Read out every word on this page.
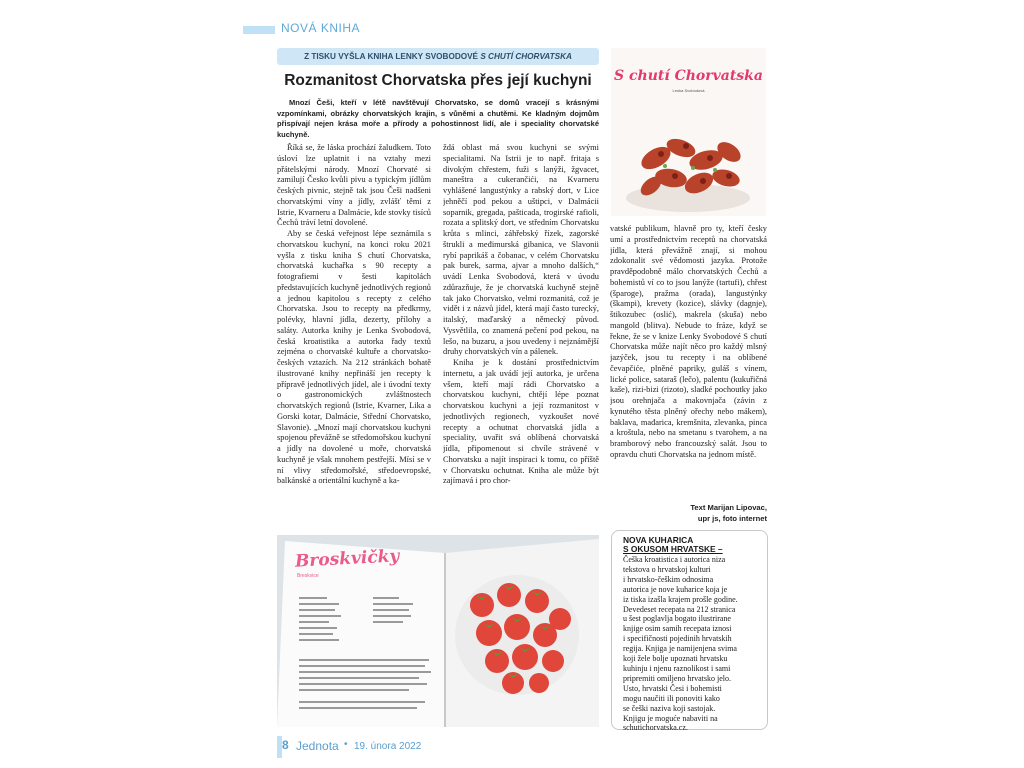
NOVÁ KNIHA
Z TISKU VYŠLA KNIHA LENKY SVOBODOVÉ S CHUTÍ CHORVATSKA
Rozmanitost Chorvatska přes její kuchyni
Mnozí Češi, kteří v létě navštěvují Chorvatsko, se domů vracejí s krásnými vzpomínkami, obrázky chorvatských krajin, s vůněmi a chutěmi. Ke kladným dojmům přispívají nejen krása moře a přírody a pohostinnost lidí, ale i speciality chorvatské kuchyně.

Říká se, že láska prochází žaludkem. Toto úsloví lze uplatnit i na vztahy mezi přátelskými národy. Mnozí Chorvaté si zamilují Česko kvůli pivu a typickým jídlům českých pivnic, stejně tak jsou Češi nadšeni chorvatskými víny a jídly, zvlášť těmi z Istrie, Kvarneru a Dalmácie, kde stovky tisíců Čechů tráví letní dovolené.

Aby se česká veřejnost lépe seznámila s chorvatskou kuchyní, na konci roku 2021 vyšla z tisku kniha S chutí Chorvatska, chorvatská kuchařka s 90 recepty a fotografiemi v šesti kapitolách představujících kuchyně jednotlivých regionů a jednou kapitolou s recepty z celého Chorvatska. Jsou to recepty na předkrmy, polévky, hlavní jídla, dezerty, přílohy a saláty. Autorka knihy je Lenka Svobodová, česká kroatistika a autorka řady textů zejména o chorvatské kultuře a chorvatsko-českých vztazích. Na 212 stránkách bohatě ilustrované knihy nepřináší jen recepty k přípravě jednotlivých jídel, ale i úvodní texty o gastronomických zvláštnostech chorvatských regionů (Istrie, Kvarner, Lika a Gorski kotar, Dalmácie, Střední Chorvatsko, Slavonie). „Mnozí mají chorvatskou kuchyni spojenou převážně se středomořskou kuchyní a jídly na dovolené u moře, chorvatská kuchyně je však mnohem pestřejší. Mísí se v ní vlivy středomořské, středoevropské, balkánské a orientální kuchyně a ka-

ždá oblast má svou kuchyni se svými specialitami. Na Istrii je to např. fritaja s divokým chřestem, fuži s lanýži, žgvacet, maneštra a cukerančići, na Kvarneru vyhlášené langustýnky a rabský dort, v Lice jehněčí pod pekou a uštipci, v Dalmácii soparnik, gregada, pašticada, trogirské rafioli, rozata a splitský dort, ve středním Chorvatsku krůta s mlinci, záhřebský řízek, zagorské štrukli a međimurská gibanica, ve Slavonii rybí paprikáš a čobanac, v celém Chorvatsku pak burek, sarma, ajvar a mnoho dalších,“ uvádí Lenka Svobodová, která v úvodu zdůrazňuje, že je chorvatská kuchyně stejně tak jako Chorvatsko, velmi rozmanitá, což je vidět i z názvů jídel, která mají často turecký, italský, maďarský a německý původ. Vysvětlila, co znamená pečení pod pekou, na lešo, na buzaru, a jsou uvedeny i nejznámější druhy chorvatských vín a pálenek.

Kniha je k dostání prostřednictvím internetu, a jak uvádí její autorka, je určena všem, kteří mají rádi Chorvatsko a chorvatskou kuchyni, chtějí lépe poznat chorvatskou kuchyni a její rozmanitost v jednotlivých regionech, vyzkoušet nové recepty a ochutnat chorvatská jídla a speciality, uvařit svá oblíbená chorvatská jídla, připomenout si chvíle strávené v Chorvatsku a najít inspiraci k tomu, co příště v Chorvatsku ochutnat. Kniha ale může být zajímavá i pro chor-

vatské publikum, hlavně pro ty, kteří česky umí a prostřednictvím receptů na chorvatská jídla, která převážně znají, si mohou zdokonalit své vědomosti jazyka. Protože pravděpodobně málo chorvatských Čechů a bohemistů ví co to jsou lanýže (tartufi), chřest (šparoge), pražma (orada), langustýnky (škampi), krevety (kozice), slávky (dagnje), štikozubec (oslić), makrela (skuša) nebo mangold (blitva). Nebude to fráze, když se řekne, že se v knize Lenky Svobodové S chutí Chorvatska může najít něco pro každý mlsný jazýček, jsou tu recepty i na oblíbené čevapčiće, plněné papriky, guláš s vínem, lické police, sataraš (lečo), palentu (kukuřičná kaše), rizi-bizi (rizoto), sladké pochoutky jako jsou orehnjača a makovnjača (závin z kynutého těsta plněný ořechy nebo mákem), baklava, mađarica, kremšnita, zlevanka, pinca a kroštula, nebo na smetanu s tvarohem, a na bramborový nebo francouzský salát. Jsou to opravdu chuti Chorvatska na jednom místě.

Text Marijan Lipovac,
upr js, foto internet
S chutí Chorvatska
Lenka Svobodová
Broskvičky
Breskvice
NOVA KUHARICA
S OKUSOM HRVATSKE –
Češka kroatistica i autorica niza
tekstova o hrvatskoj kulturi
i hrvatsko-češkim odnosima
autorica je nove kuharice koja je
iz tiska izašla krajem prošle godine.
Devedeset recepata na 212 stranica
u šest poglavlja bogato ilustrirane
knjige osim samih recepata iznosi
i specifičnosti pojedinih hrvatskih
regija. Knjiga je namijenjena svima
koji žele bolje upoznati hrvatsku
kuhinju i njenu raznolikost i sami
pripremiti omiljeno hrvatsko jelo.
Usto, hrvatski Česi i bohemisti
mogu naučiti ili ponoviti kako
se češki naziva koji sastojak.
Knjigu je moguće nabaviti na
schutichorvatska.cz.
8 Jednota • 19. února 2022
